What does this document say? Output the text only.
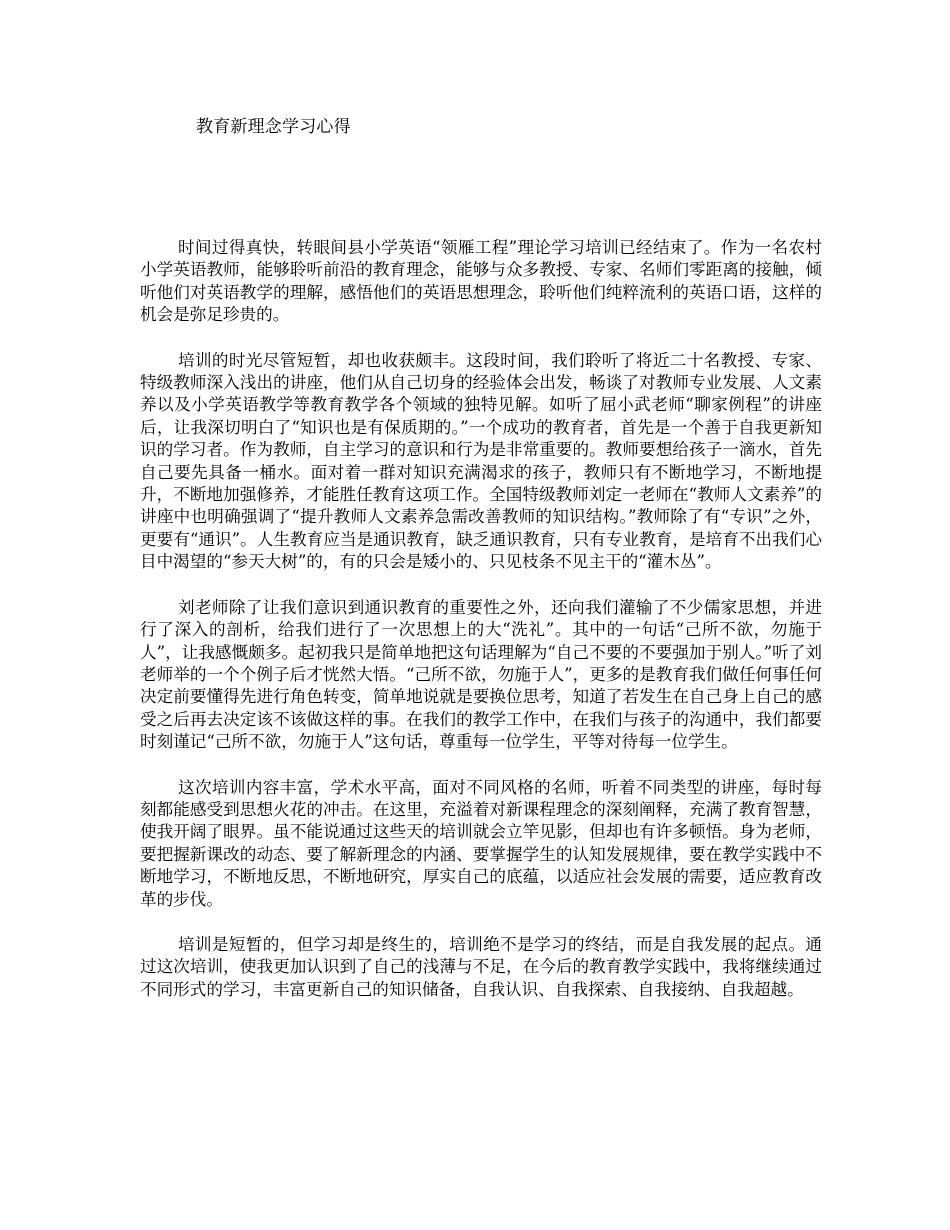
教育新理念学习心得

时间过得真快，转眼间县小学英语“领雁工程”理论学习培训已经结束了。作为一名农村小学英语教师，能够聆听前沿的教育理念，能够与众多教授、专家、名师们零距离的接触，倾听他们对英语教学的理解，感悟他们的英语思想理念，聆听他们纯粹流利的英语口语，这样的机会是弥足珍贵的。

培训的时光尽管短暂，却也收获颇丰。这段时间，我们聆听了将近二十名教授、专家、特级教师深入浅出的讲座，他们从自己切身的经验体会出发，畅谈了对教师专业发展、人文素养以及小学英语教学等教育教学各个领域的独特见解。如听了屈小武老师“聊家例程”的讲座后，让我深切明白了“知识也是有保质期的。”一个成功的教育者，首先是一个善于自我更新知识的学习者。作为教师，自主学习的意识和行为是非常重要的。教师要想给孩子一滴水，首先自己要先具备一桶水。面对着一群对知识充满渴求的孩子，教师只有不断地学习，不断地提升，不断地加强修养，才能胜任教育这项工作。全国特级教师刘定一老师在“教师人文素养”的讲座中也明确强调了“提升教师人文素养急需改善教师的知识结构。”教师除了有“专识”之外，更要有“通识”。人生教育应当是通识教育，缺乏通识教育，只有专业教育，是培育不出我们心目中渴望的“参天大树”的，有的只会是矮小的、只见枝条不见主干的“灌木丛”。

刘老师除了让我们意识到通识教育的重要性之外，还向我们灌输了不少儒家思想，并进行了深入的剖析，给我们进行了一次思想上的大“洗礼”。其中的一句话“己所不欲，勿施于人”，让我感慨颇多。起初我只是简单地把这句话理解为“自己不要的不要强加于别人。”听了刘老师举的一个个例子后才恍然大悟。“己所不欲，勿施于人”，更多的是教育我们做任何事任何决定前要懂得先进行角色转变，简单地说就是要换位思考，知道了若发生在自己身上自己的感受之后再去决定该不该做这样的事。在我们的教学工作中，在我们与孩子的沟通中，我们都要时刻谨记“己所不欲，勿施于人”这句话，尊重每一位学生，平等对待每一位学生。

这次培训内容丰富，学术水平高，面对不同风格的名师，听着不同类型的讲座，每时每刻都能感受到思想火花的冲击。在这里，充溢着对新课程理念的深刻阐释，充满了教育智慧，使我开阔了眼界。虽不能说通过这些天的培训就会立竿见影，但却也有许多顿悟。身为老师，要把握新课改的动态、要了解新理念的内涵、要掌握学生的认知发展规律，要在教学实践中不断地学习，不断地反思，不断地研究，厚实自己的底蕴，以适应社会发展的需要，适应教育改革的步伐。

培训是短暂的，但学习却是终生的，培训绝不是学习的终结，而是自我发展的起点。通过这次培训，使我更加认识到了自己的浅薄与不足，在今后的教育教学实践中，我将继续通过不同形式的学习，丰富更新自己的知识储备，自我认识、自我探索、自我接纳、自我超越。
